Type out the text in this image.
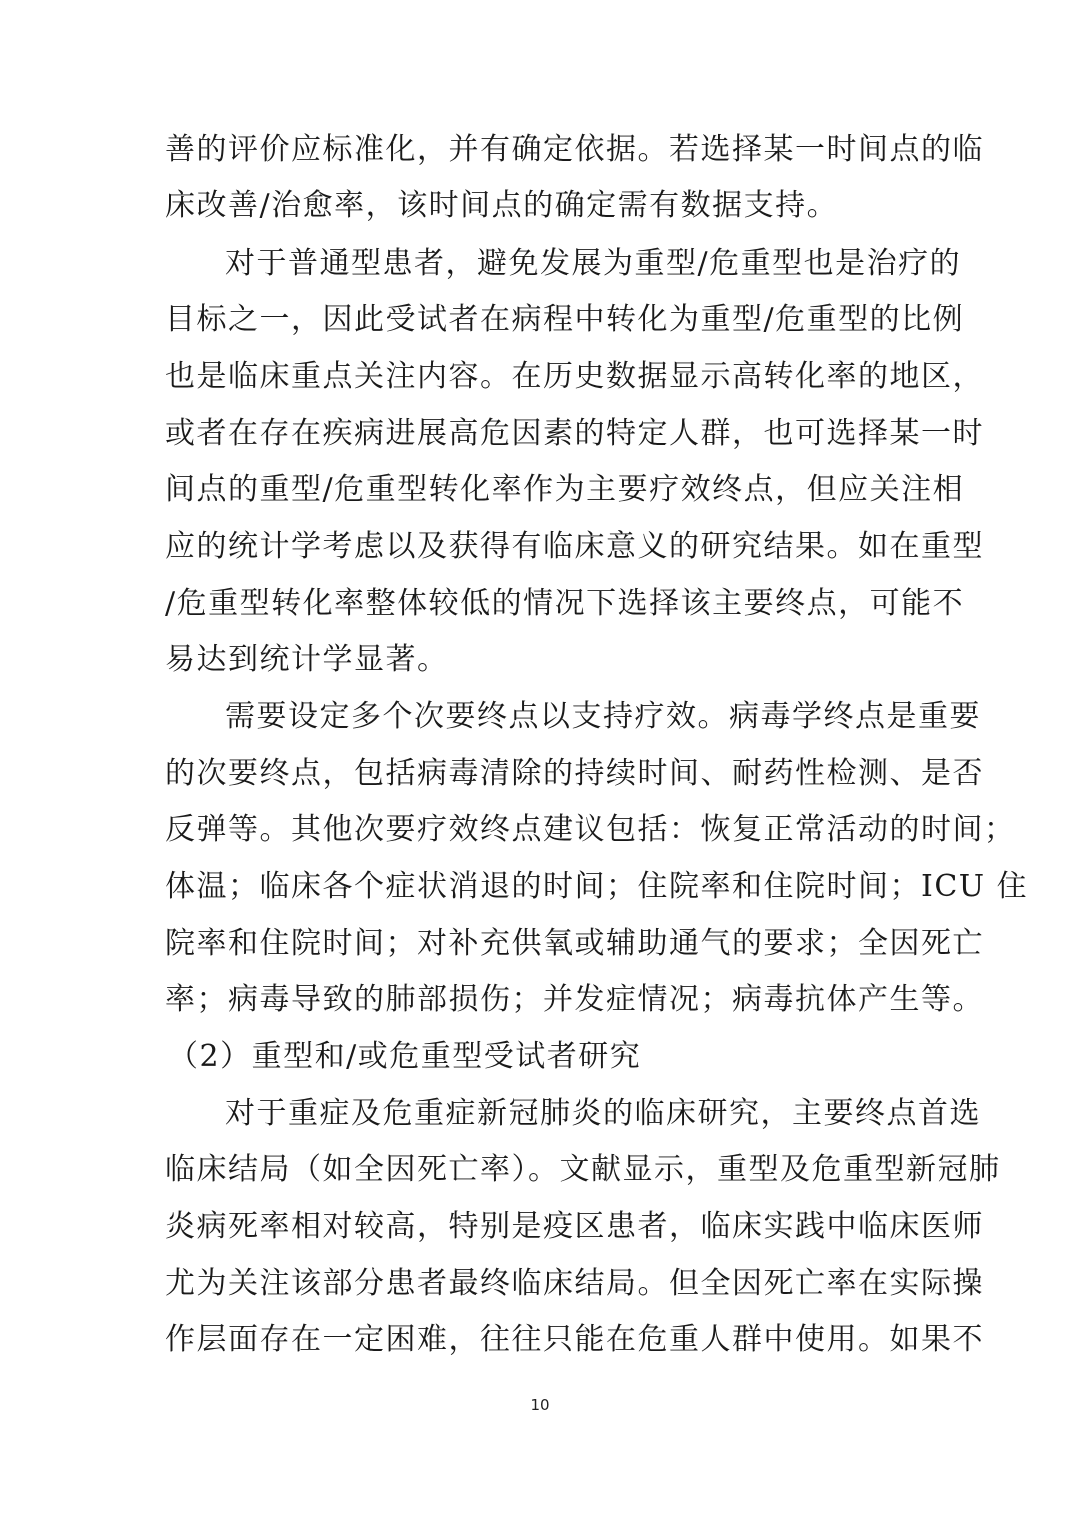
善的评价应标准化，并有确定依据。若选择某一时间点的临
床改善/治愈率，该时间点的确定需有数据支持。
对于普通型患者，避免发展为重型/危重型也是治疗的
目标之一，因此受试者在病程中转化为重型/危重型的比例
也是临床重点关注内容。在历史数据显示高转化率的地区，
或者在存在疾病进展高危因素的特定人群，也可选择某一时
间点的重型/危重型转化率作为主要疗效终点，但应关注相
应的统计学考虑以及获得有临床意义的研究结果。如在重型
/危重型转化率整体较低的情况下选择该主要终点，可能不
易达到统计学显著。
需要设定多个次要终点以支持疗效。病毒学终点是重要
的次要终点，包括病毒清除的持续时间、耐药性检测、是否
反弹等。其他次要疗效终点建议包括：恢复正常活动的时间；
体温；临床各个症状消退的时间；住院率和住院时间；ICU 住
院率和住院时间；对补充供氧或辅助通气的要求；全因死亡
率；病毒导致的肺部损伤；并发症情况；病毒抗体产生等。
（2）重型和/或危重型受试者研究
对于重症及危重症新冠肺炎的临床研究，主要终点首选
临床结局（如全因死亡率）。文献显示，重型及危重型新冠肺
炎病死率相对较高，特别是疫区患者，临床实践中临床医师
尤为关注该部分患者最终临床结局。但全因死亡率在实际操
作层面存在一定困难，往往只能在危重人群中使用。如果不
10
